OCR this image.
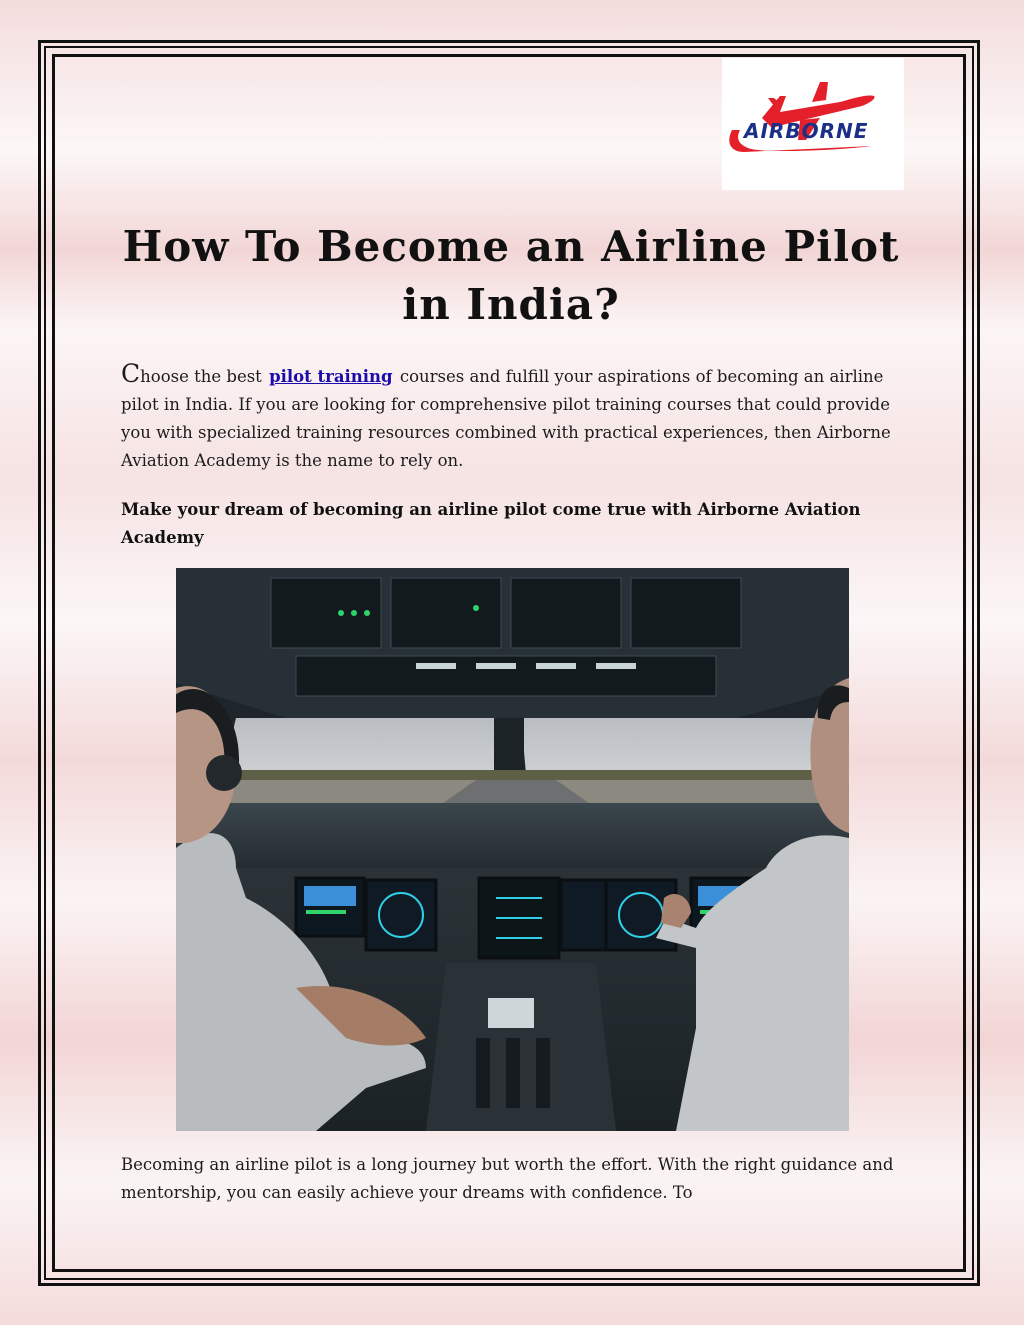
AIRBORNE
How To Become an Airline Pilot in India?

Choose the best pilot training courses and fulfill your aspirations of becoming an airline pilot in India. If you are looking for comprehensive pilot training courses that could provide you with specialized training resources combined with practical experiences, then Airborne Aviation Academy is the name to rely on.

Make your dream of becoming an airline pilot come true with Airborne Aviation Academy

Becoming an airline pilot is a long journey but worth the effort. With the right guidance and mentorship, you can easily achieve your dreams with confidence. To
